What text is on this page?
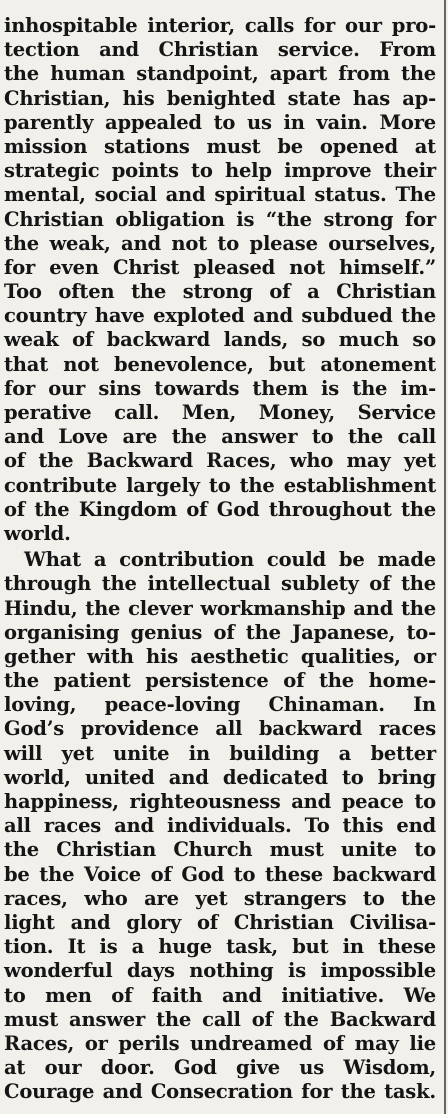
inhospitable interior, calls for our pro-
tection and Christian service. From
the human standpoint, apart from the
Christian, his benighted state has ap-
parently appealed to us in vain. More
mission stations must be opened at
strategic points to help improve their
mental, social and spiritual status. The
Christian obligation is “the strong for
the weak, and not to please ourselves,
for even Christ pleased not himself.”
Too often the strong of a Christian
country have exploted and subdued the
weak of backward lands, so much so
that not benevolence, but atonement
for our sins towards them is the im-
perative call. Men, Money, Service
and Love are the answer to the call
of the Backward Races, who may yet
contribute largely to the establishment
of the Kingdom of God throughout the
world.
What a contribution could be made
through the intellectual sublety of the
Hindu, the clever workmanship and the
organising genius of the Japanese, to-
gether with his aesthetic qualities, or
the patient persistence of the home-
loving, peace-loving Chinaman. In
God’s providence all backward races
will yet unite in building a better
world, united and dedicated to bring
happiness, righteousness and peace to
all races and individuals. To this end
the Christian Church must unite to
be the Voice of God to these backward
races, who are yet strangers to the
light and glory of Christian Civilisa-
tion. It is a huge task, but in these
wonderful days nothing is impossible
to men of faith and initiative. We
must answer the call of the Backward
Races, or perils undreamed of may lie
at our door. God give us Wisdom,
Courage and Consecration for the task.
